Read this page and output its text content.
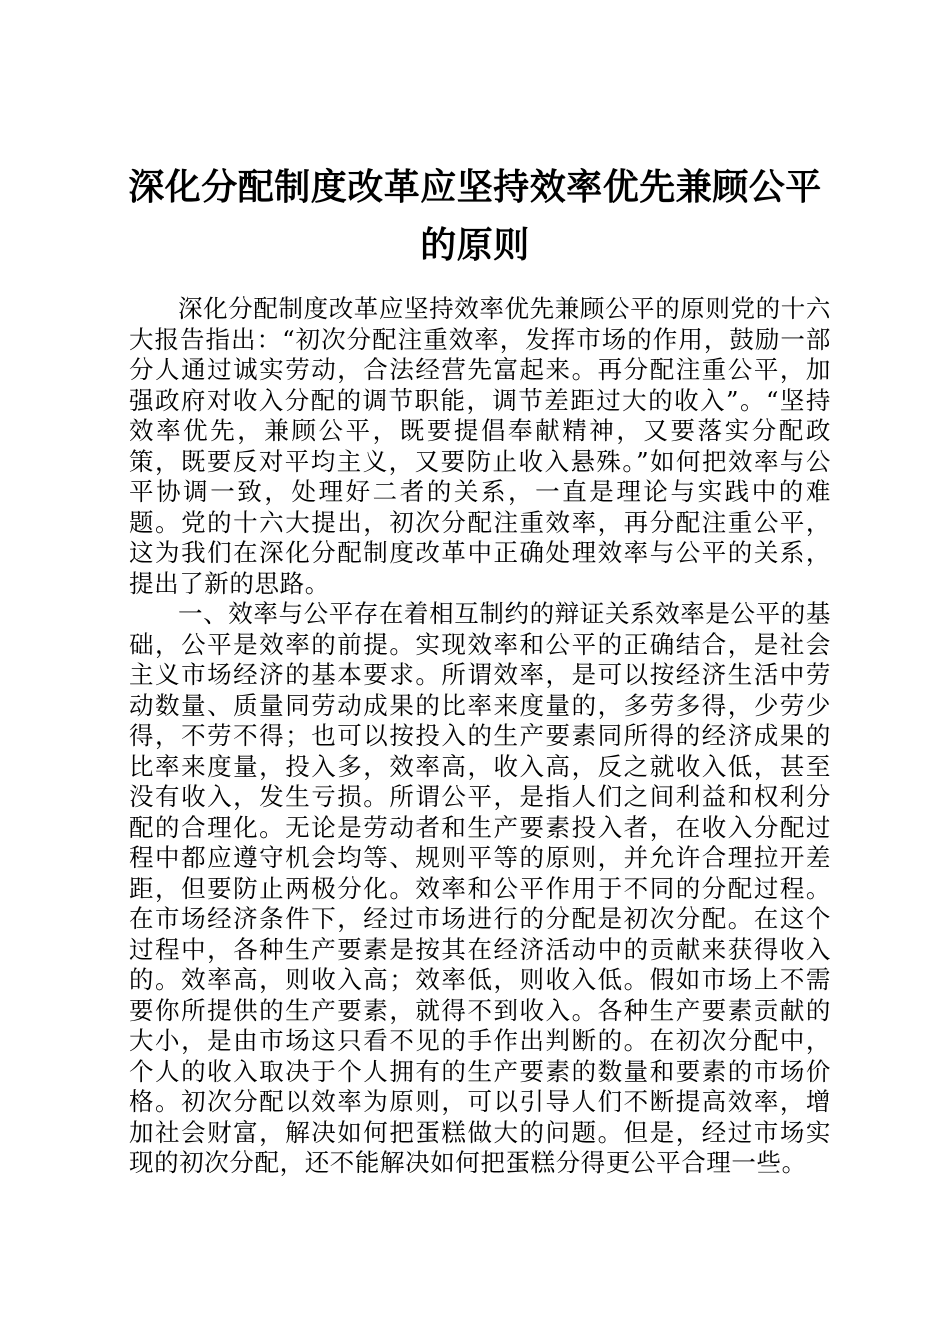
深化分配制度改革应坚持效率优先兼顾公平的原则

深化分配制度改革应坚持效率优先兼顾公平的原则党的十六大报告指出：“初次分配注重效率，发挥市场的作用，鼓励一部分人通过诚实劳动，合法经营先富起来。再分配注重公平，加强政府对收入分配的调节职能，调节差距过大的收入”。“坚持效率优先，兼顾公平，既要提倡奉献精神，又要落实分配政策，既要反对平均主义，又要防止收入悬殊。”如何把效率与公平协调一致，处理好二者的关系，一直是理论与实践中的难题。党的十六大提出，初次分配注重效率，再分配注重公平，这为我们在深化分配制度改革中正确处理效率与公平的关系，提出了新的思路。

一、效率与公平存在着相互制约的辩证关系效率是公平的基础，公平是效率的前提。实现效率和公平的正确结合，是社会主义市场经济的基本要求。所谓效率，是可以按经济生活中劳动数量、质量同劳动成果的比率来度量的，多劳多得，少劳少得，不劳不得；也可以按投入的生产要素同所得的经济成果的比率来度量，投入多，效率高，收入高，反之就收入低，甚至没有收入，发生亏损。所谓公平，是指人们之间利益和权利分配的合理化。无论是劳动者和生产要素投入者，在收入分配过程中都应遵守机会均等、规则平等的原则，并允许合理拉开差距，但要防止两极分化。效率和公平作用于不同的分配过程。在市场经济条件下，经过市场进行的分配是初次分配。在这个过程中，各种生产要素是按其在经济活动中的贡献来获得收入的。效率高，则收入高；效率低，则收入低。假如市场上不需要你所提供的生产要素，就得不到收入。各种生产要素贡献的大小，是由市场这只看不见的手作出判断的。在初次分配中，个人的收入取决于个人拥有的生产要素的数量和要素的市场价格。初次分配以效率为原则，可以引导人们不断提高效率，增加社会财富，解决如何把蛋糕做大的问题。但是，经过市场实现的初次分配，还不能解决如何把蛋糕分得更公平合理一些。
